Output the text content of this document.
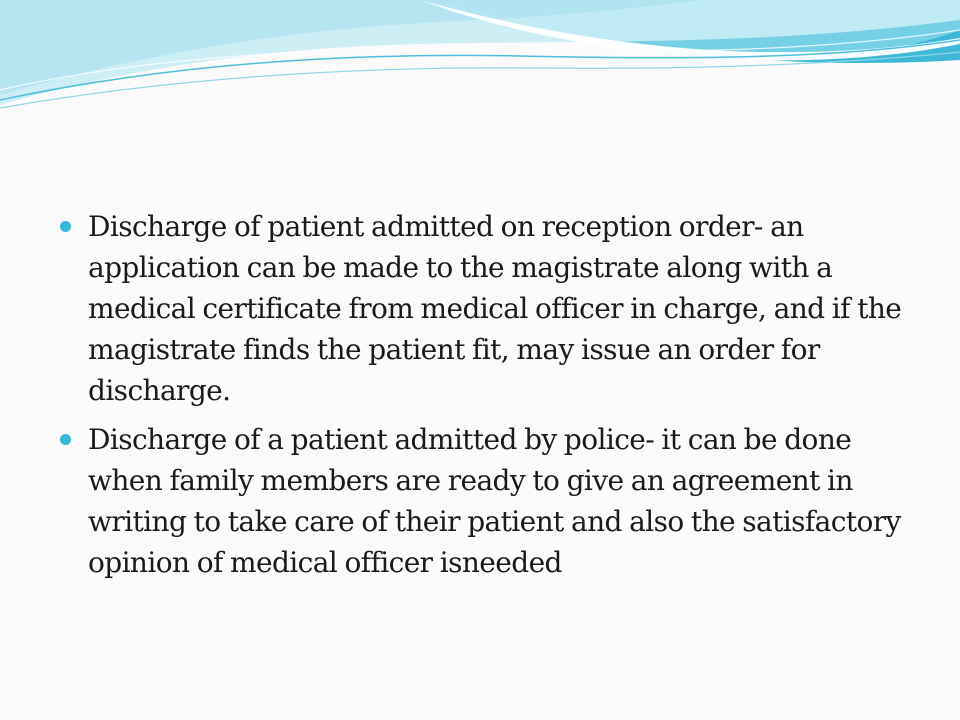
Discharge of patient admitted on reception order- an application can be made to the magistrate along with a medical certificate from medical officer in charge, and if the magistrate finds the patient fit, may issue an order for discharge.
Discharge of a patient admitted by police- it can be done when family members are ready to give an agreement in writing to take care of their patient and also the satisfactory opinion of medical officer isneeded
